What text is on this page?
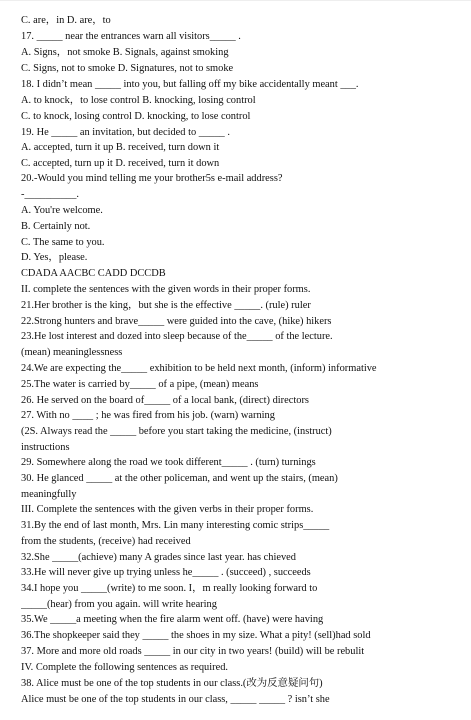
C. are，in D. are，to
17. _____ near the entrances warn all visitors_____ .
A. Signs，not smoke B. Signals, against smoking
C. Signs, not to smoke D. Signatures, not to smoke
18. I didn’t mean _____ into you, but falling off my bike accidentally meant ___.
A. to knock，to lose control B. knocking, losing control
C. to knock, losing control D. knocking, to lose control
19. He _____ an invitation, but decided to _____ .
A. accepted, turn it up B. received, turn down it
C. accepted, turn up it D. received, turn it down
20.-Would you mind telling me your brother5s e-mail address?
-__________.
A. You're welcome.
B. Certainly not.
C. The same to you.
D. Yes，please.
CDADA AACBC CADD DCCDB
II. complete the sentences with the given words in their proper forms.
21.Her brother is the king，but she is the effective _____. (rule) ruler
22.Strong hunters and brave_____ were guided into the cave, (hike) hikers
23.He lost interest and dozed into sleep because of the_____ of the lecture.
(mean) meaninglessness
24.We are expecting the_____ exhibition to be held next month, (inform) informative
25.The water is carried by_____ of a pipe, (mean) means
26. He served on the board of_____ of a local bank, (direct) directors
27. With no ____ ; he was fired from his job. (warn) warning
(2S. Always read the _____ before you start taking the medicine, (instruct)
instructions
29. Somewhere along the road we took different_____ . (turn) turnings
30. He glanced _____ at the other policeman, and went up the stairs, (mean)
meaningfully
III. Complete the sentences with the given verbs in their proper forms.
31.By the end of last month, Mrs. Lin many interesting comic strips_____
from the students, (receive) had received
32.She _____(achieve) many A grades since last year. has chieved
33.He will never give up trying unless he_____ . (succeed) , succeeds
34.I hope you _____(write) to me soon. I，m really looking forward to
_____(hear) from you again. will write hearing
35.We _____a meeting when the fire alarm went off. (have) were having
36.The shopkeeper said they _____ the shoes in my size. What a pity! (sell)had sold
37. More and more old roads _____ in our city in two years! (build) will be rebulit
IV. Complete the following sentences as required.
38. Alice must be one of the top students in our class.(改为反意疑问句)
Alice must be one of the top students in our class, _____ _____ ? isn’t she
